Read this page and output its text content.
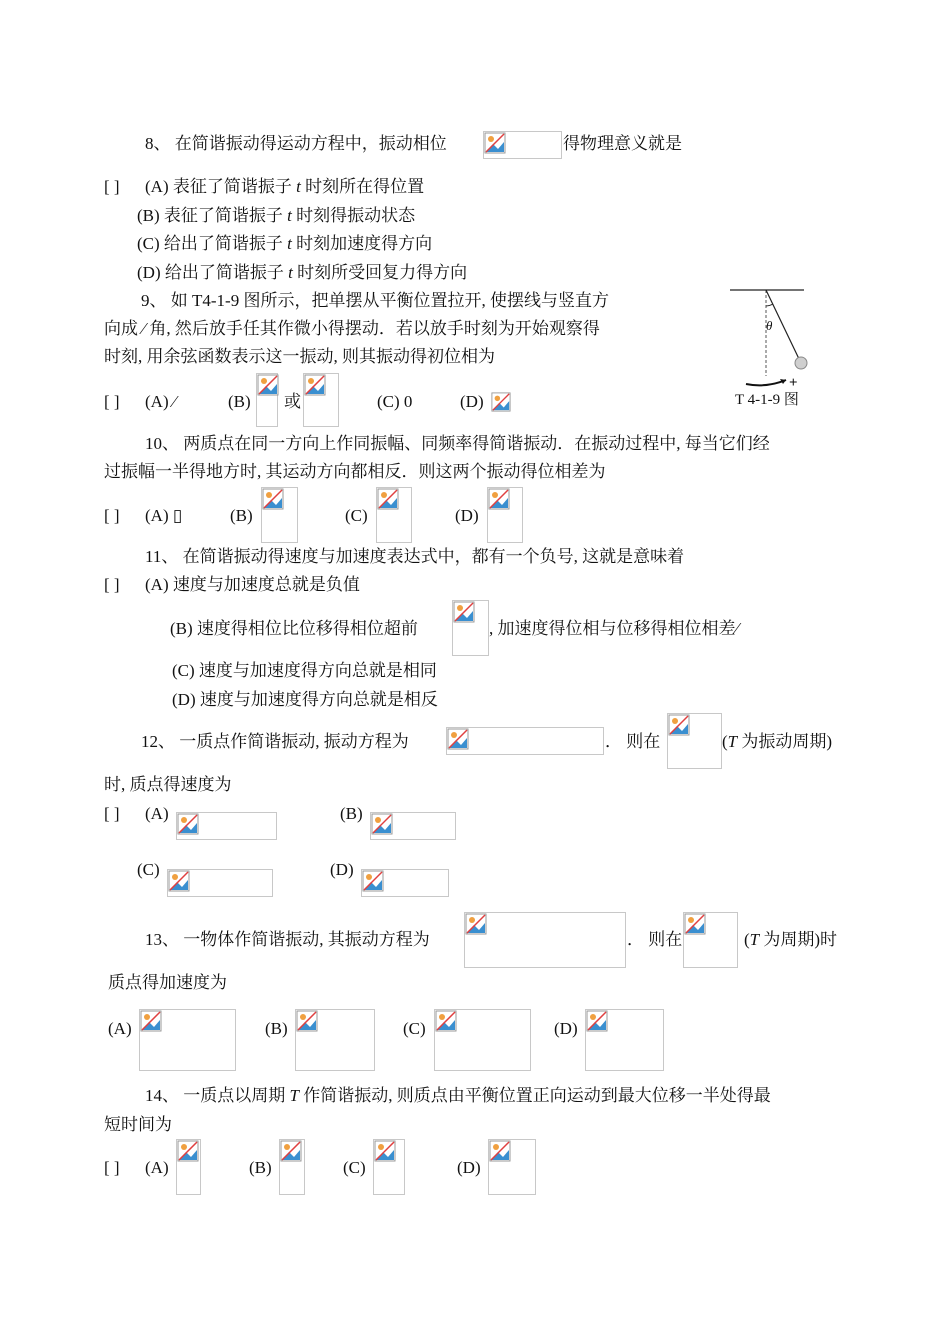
8、 在简谐振动得运动方程中，振动相位	得物理意义就是
[ ] (A) 表征了简谐振子 t 时刻所在得位置
(B) 表征了简谐振子 t 时刻得振动状态
(C) 给出了简谐振子 t 时刻加速度得方向
(D) 给出了简谐振子 t 时刻所受回复力得方向
9、 如 T4-1-9 图所示，把单摆从平衡位置拉开, 使摆线与竖直方
向成 ⁄ 角, 然后放手任其作微小得摆动．若以放手时刻为开始观察得
时刻, 用余弦函数表示这一振动, 则其振动得初位相为
θ
+
T 4-1-9 图
[ ] (A) ⁄	(B) 或	(C) 0	(D)
10、 两质点在同一方向上作同振幅、同频率得简谐振动．在振动过程中, 每当它们经
过振幅一半得地方时, 其运动方向都相反．则这两个振动得位相差为
[ ] (A) ▯	(B)	(C)	(D)
11、 在简谐振动得速度与加速度表达式中，都有一个负号, 这就是意味着
[ ] (A) 速度与加速度总就是负值
(B) 速度得相位比位移得相位超前	, 加速度得位相与位移得相位相差⁄
(C) 速度与加速度得方向总就是相同
(D) 速度与加速度得方向总就是相反
12、 一质点作简谐振动, 振动方程为	． 则在	(T 为振动周期)
时, 质点得速度为
[ ] (A)	(B)
(C)	(D)
13、 一物体作简谐振动, 其振动方程为	． 则在	(T 为周期)时
质点得加速度为
(A)	(B)	(C)	(D)
14、 一质点以周期 T 作简谐振动, 则质点由平衡位置正向运动到最大位移一半处得最
短时间为
[ ] (A)	(B)	(C)	(D)
